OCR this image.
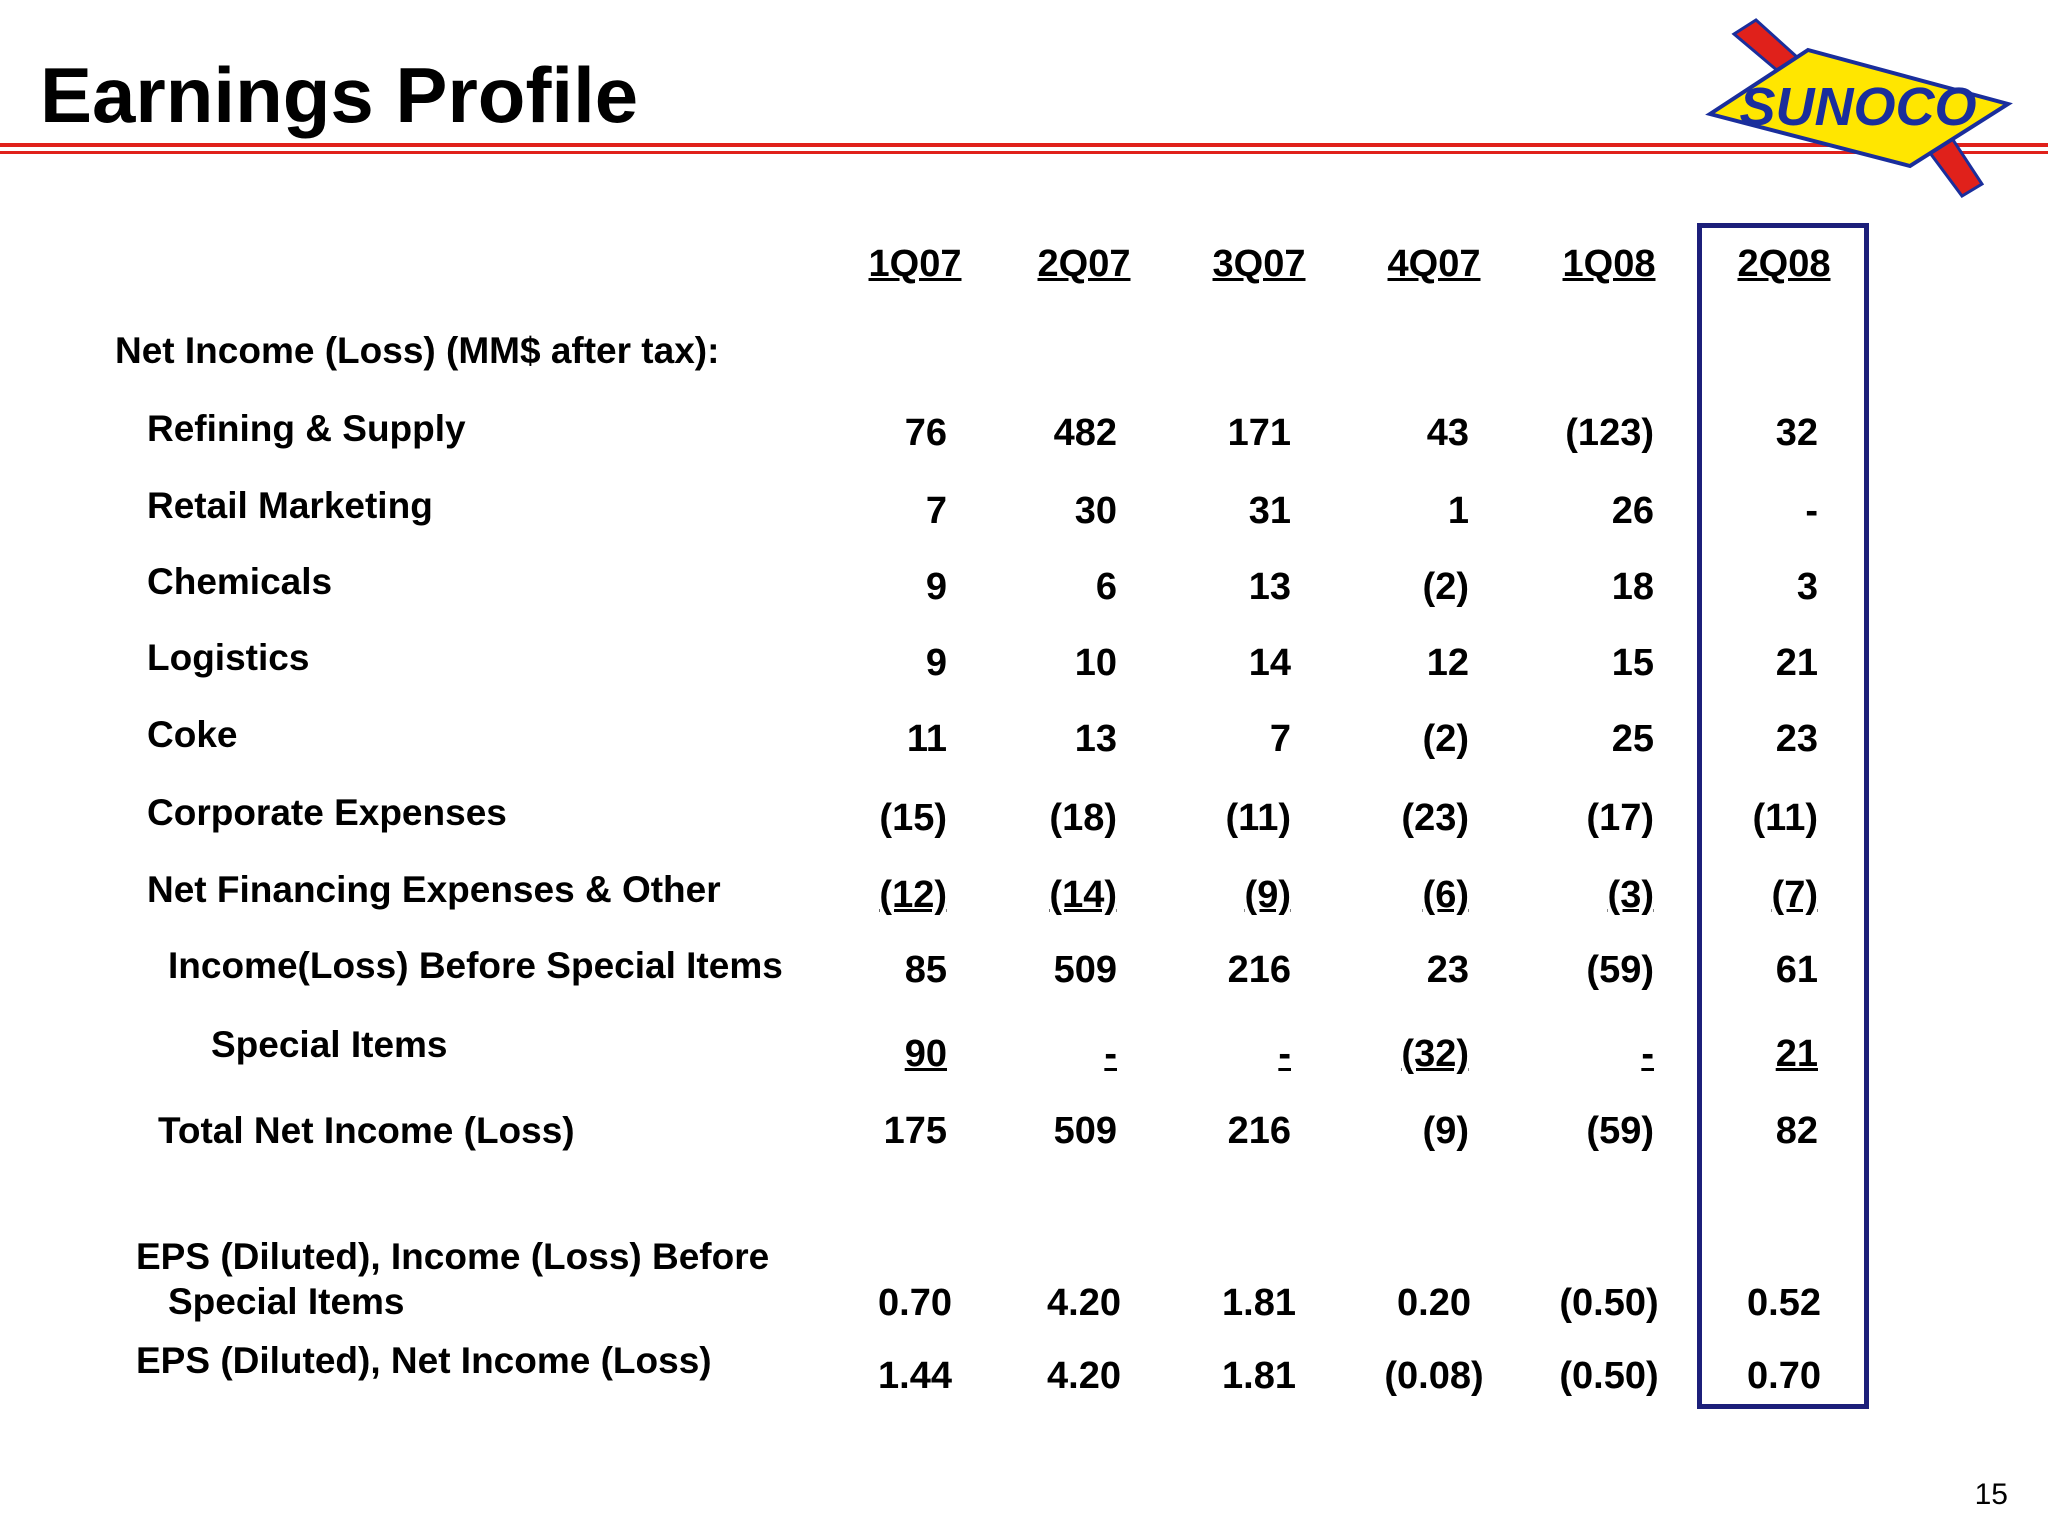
Earnings Profile	SUNOCO
1Q07	2Q07	3Q07	4Q07	1Q08	2Q08
Net Income (Loss) (MM$ after tax):
Refining & Supply	76	482	171	43	(123)	32
Retail Marketing	7	30	31	1	26	-
Chemicals	9	6	13	(2)	18	3
Logistics	9	10	14	12	15	21
Coke	11	13	7	(2)	25	23
Corporate Expenses	(15)	(18)	(11)	(23)	(17)	(11)
Net Financing Expenses & Other	(12)	(14)	(9)	(6)	(3)	(7)
Income(Loss) Before Special Items	85	509	216	23	(59)	61
Special Items	90	-	-	(32)	-	21
Total Net Income (Loss)	175	509	216	(9)	(59)	82
EPS (Diluted), Income (Loss) Before
Special Items	0.70	4.20	1.81	0.20	(0.50)	0.52
EPS (Diluted), Net Income (Loss)	1.44	4.20	1.81	(0.08)	(0.50)	0.70
15
